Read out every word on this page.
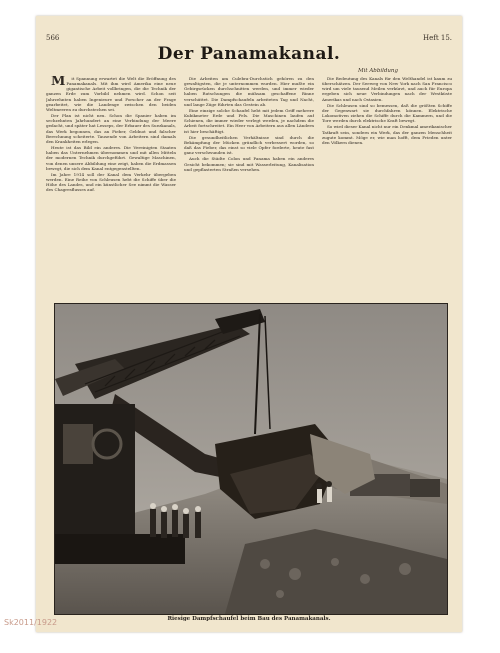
566	Heft 15.
Der Panamakanal.
Mit Abbildung

Mit Spannung erwartet die Welt die Eröffnung des Panamakanals. Mit ihm wird Amerika eine neue gigantische Arbeit vollbringen, die die Technik der ganzen Erde zum Vorbild nehmen wird. Schon seit Jahrzehnten haben Ingenieure und Forscher an der Frage gearbeitet, wie die Landenge zwischen den beiden Weltmeeren zu durchstechen sei.

Der Plan ist nicht neu. Schon die Spanier haben im sechzehnten Jahrhundert an eine Verbindung der Meere gedacht, und später hat Lesseps, der Erbauer des Suezkanals, das Werk begonnen, das an Fieber, Geldnot und falscher Berechnung scheiterte. Tausende von Arbeitern sind damals den Krankheiten erlegen.

Heute ist das Bild ein anderes. Die Vereinigten Staaten haben das Unternehmen übernommen und mit allen Mitteln der modernen Technik durchgeführt. Gewaltige Maschinen, von denen unsere Abbildung eine zeigt, haben die Erdmassen bewegt, die sich dem Kanal entgegenstellten.

Im Jahre 1914 soll der Kanal dem Verkehr übergeben werden. Eine Reihe von Schleusen hebt die Schiffe über die Höhe des Landes, und ein künstlicher See nimmt die Wasser des Chagresflusses auf.

Die Arbeiten am Culebra-Durchstich gehören zu den gewaltigsten, die je unternommen wurden. Hier mußte ein Gebirgsrücken durchschnitten werden, und immer wieder haben Rutschungen die mühsam geschaffene Rinne verschüttet. Die Dampfschaufeln arbeiteten Tag und Nacht, und lange Züge führten das Gestein ab.

Eine einzige solche Schaufel hebt mit jedem Griff mehrere Kubikmeter Erde und Fels. Die Maschinen laufen auf Schienen, die immer wieder verlegt werden, je nachdem die Arbeit fortschreitet. Ein Heer von Arbeitern aus allen Ländern ist hier beschäftigt.

Die gesundheitlichen Verhältnisse sind durch die Bekämpfung der Mücken gründlich verbessert worden, so daß das Fieber, das einst so viele Opfer forderte, heute fast ganz verschwunden ist.

Auch die Städte Colon und Panama haben ein anderes Gesicht bekommen; sie sind mit Wasserleitung, Kanalisation und gepflasterten Straßen versehen.

Die Bedeutung des Kanals für den Welthandel ist kaum zu überschätzen. Der Seeweg von New York nach San Francisco wird um viele tausend Meilen verkürzt, und auch für Europa ergeben sich neue Verbindungen nach der Westküste Amerikas und nach Ostasien.

Die Schleusen sind so bemessen, daß die größten Schiffe der Gegenwart sie durchfahren können. Elektrische Lokomotiven ziehen die Schiffe durch die Kammern, und die Tore werden durch elektrische Kraft bewegt.

So wird dieser Kanal nicht nur ein Denkmal amerikanischer Tatkraft sein, sondern ein Werk, das der ganzen Menschheit zugute kommt. Möge er, wie man hofft, dem Frieden unter den Völkern dienen.

Riesige Dampfschaufel beim Bau des Panamakanals.
Sk2011/1922
